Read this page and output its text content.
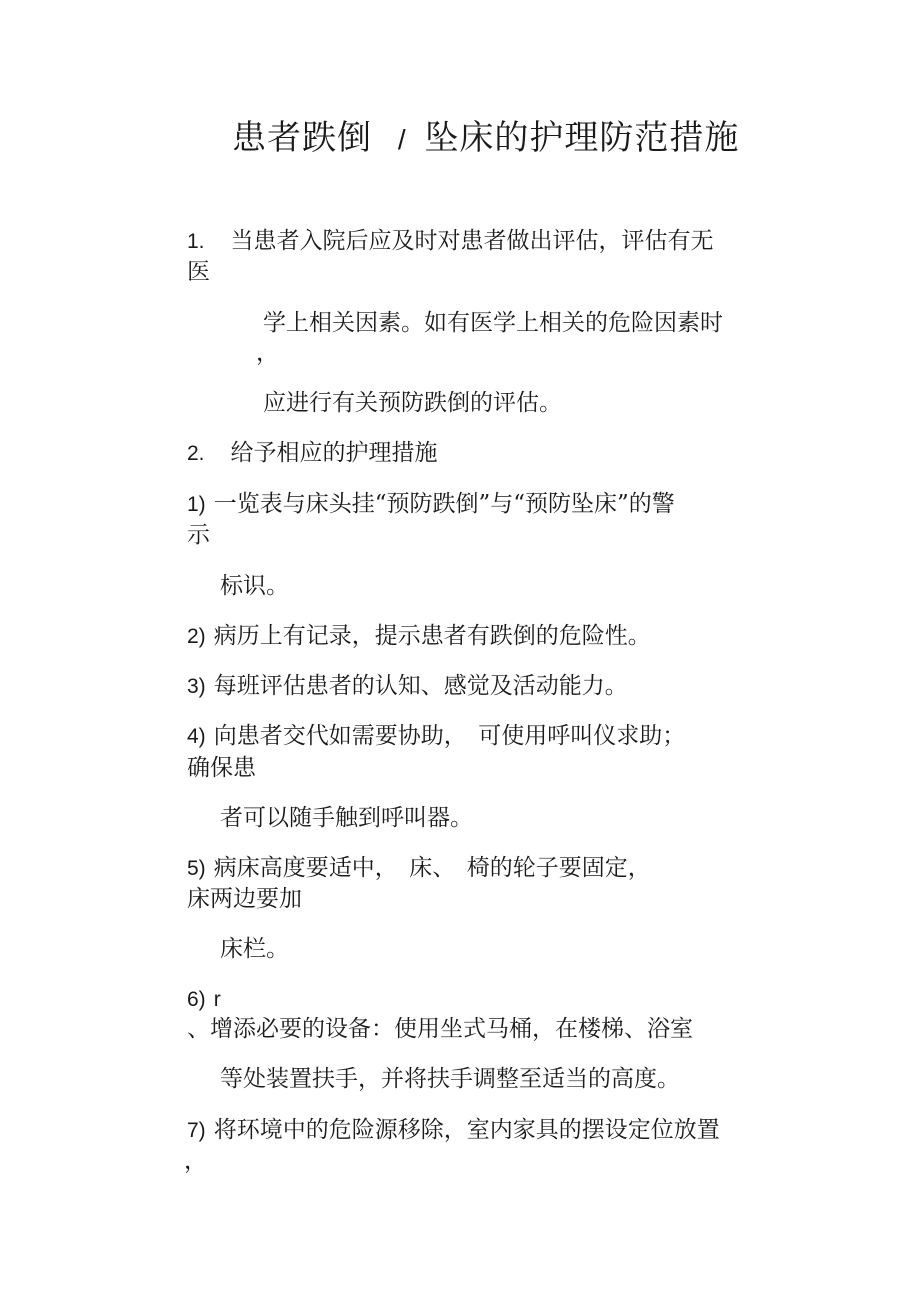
患者跌倒 / 坠床的护理防范措施
1. 当患者入院后应及时对患者做出评估，评估有无
医
学上相关因素。如有医学上相关的危险因素时
，
应进行有关预防跌倒的评估。
2. 给予相应的护理措施
1) 一览表与床头挂“预防跌倒”与“预防坠床”的警
示
标识。
2) 病历上有记录，提示患者有跌倒的危险性。
3) 每班评估患者的认知、感觉及活动能力。
4) 向患者交代如需要协助，　可使用呼叫仪求助；
确保患
者可以随手触到呼叫器。
5) 病床高度要适中，　床、　椅的轮子要固定，
床两边要加
床栏。
6) r
、增添必要的设备：使用坐式马桶，在楼梯、浴室
等处装置扶手，并将扶手调整至适当的高度。
7) 将环境中的危险源移除，室内家具的摆设定位放置
，
